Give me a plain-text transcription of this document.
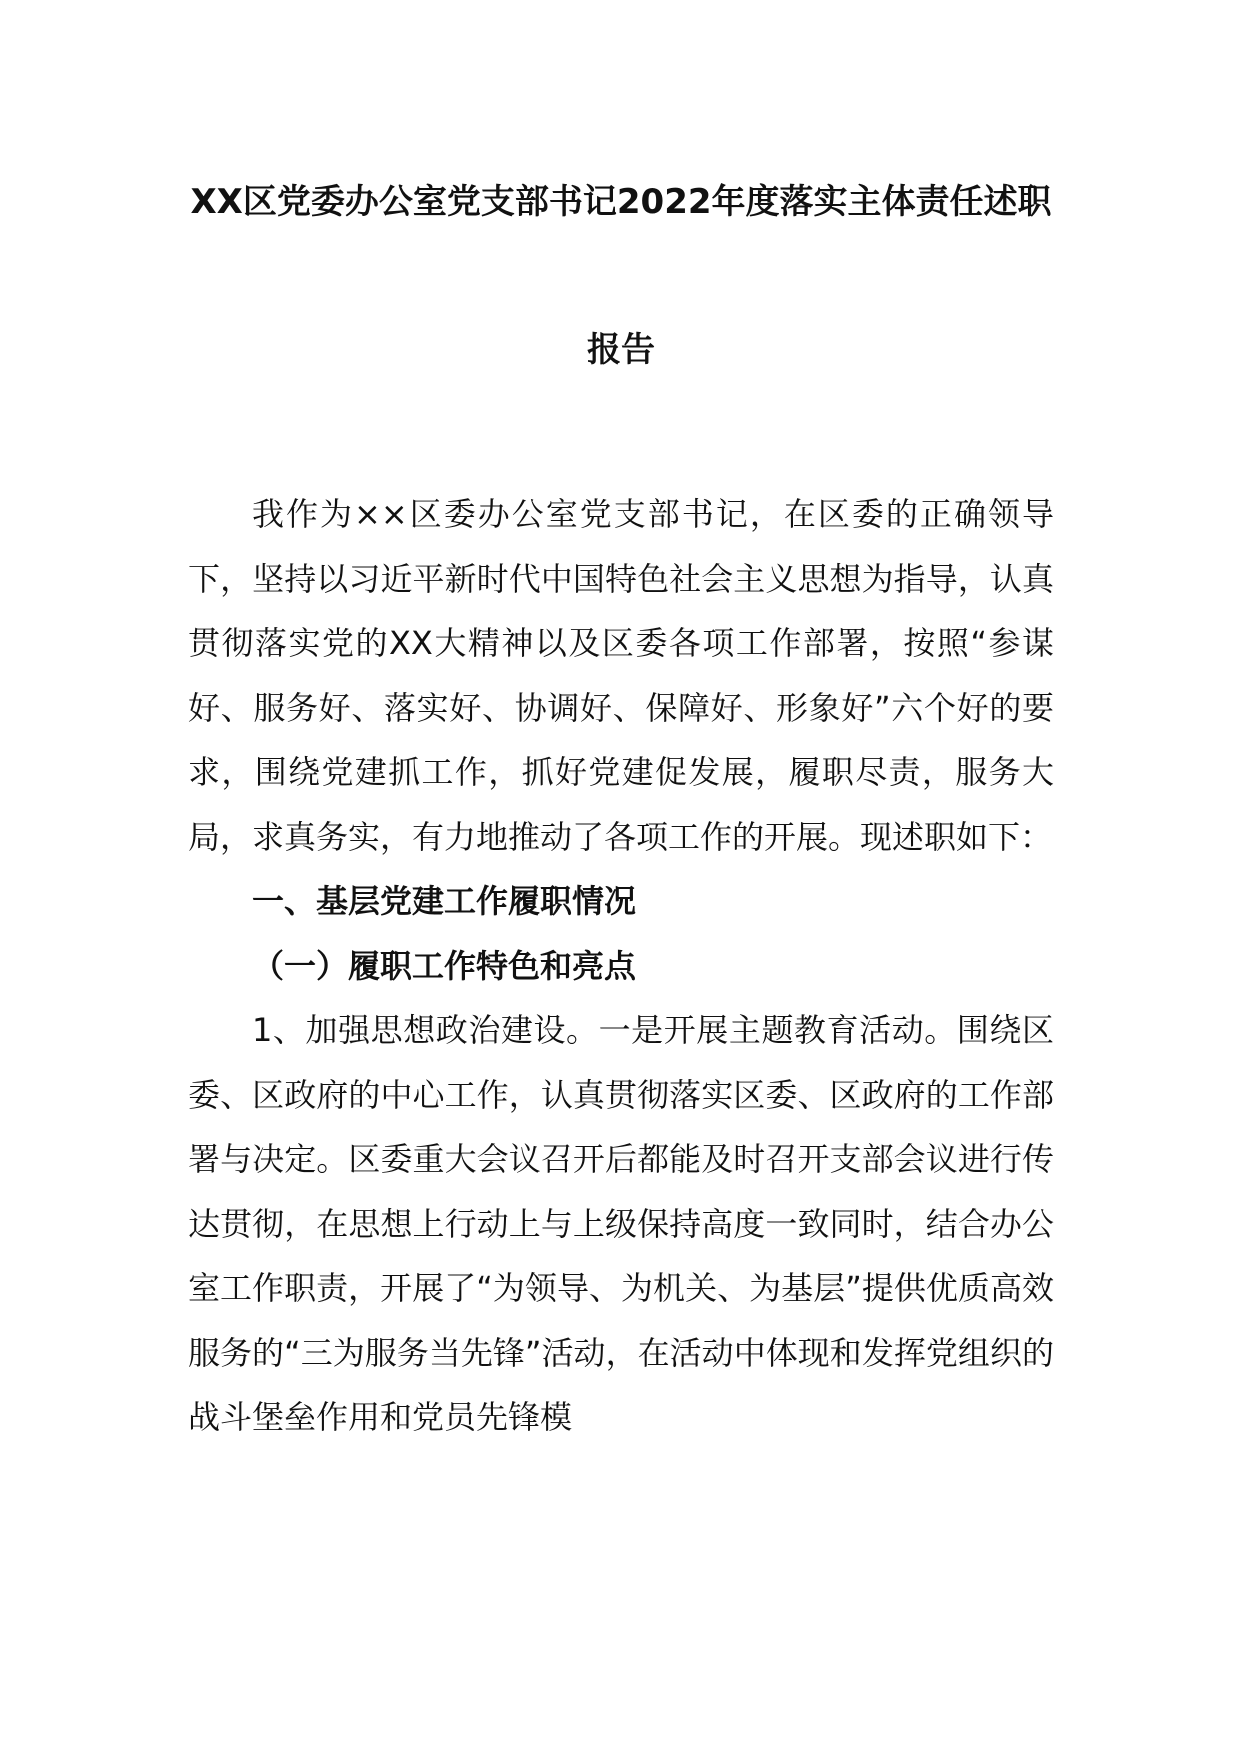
XX区党委办公室党支部书记2022年度落实主体责任述职
报告

我作为××区委办公室党支部书记，在区委的正确领导下，坚持以习近平新时代中国特色社会主义思想为指导，认真贯彻落实党的XX大精神以及区委各项工作部署，按照“参谋好、服务好、落实好、协调好、保障好、形象好”六个好的要求，围绕党建抓工作，抓好党建促发展，履职尽责，服务大局，求真务实，有力地推动了各项工作的开展。现述职如下：

一、基层党建工作履职情况
（一）履职工作特色和亮点

1、加强思想政治建设。一是开展主题教育活动。围绕区委、区政府的中心工作，认真贯彻落实区委、区政府的工作部署与决定。区委重大会议召开后都能及时召开支部会议进行传达贯彻，在思想上行动上与上级保持高度一致同时，结合办公室工作职责，开展了“为领导、为机关、为基层”提供优质高效服务的“三为服务当先锋”活动，在活动中体现和发挥党组织的战斗堡垒作用和党员先锋模
